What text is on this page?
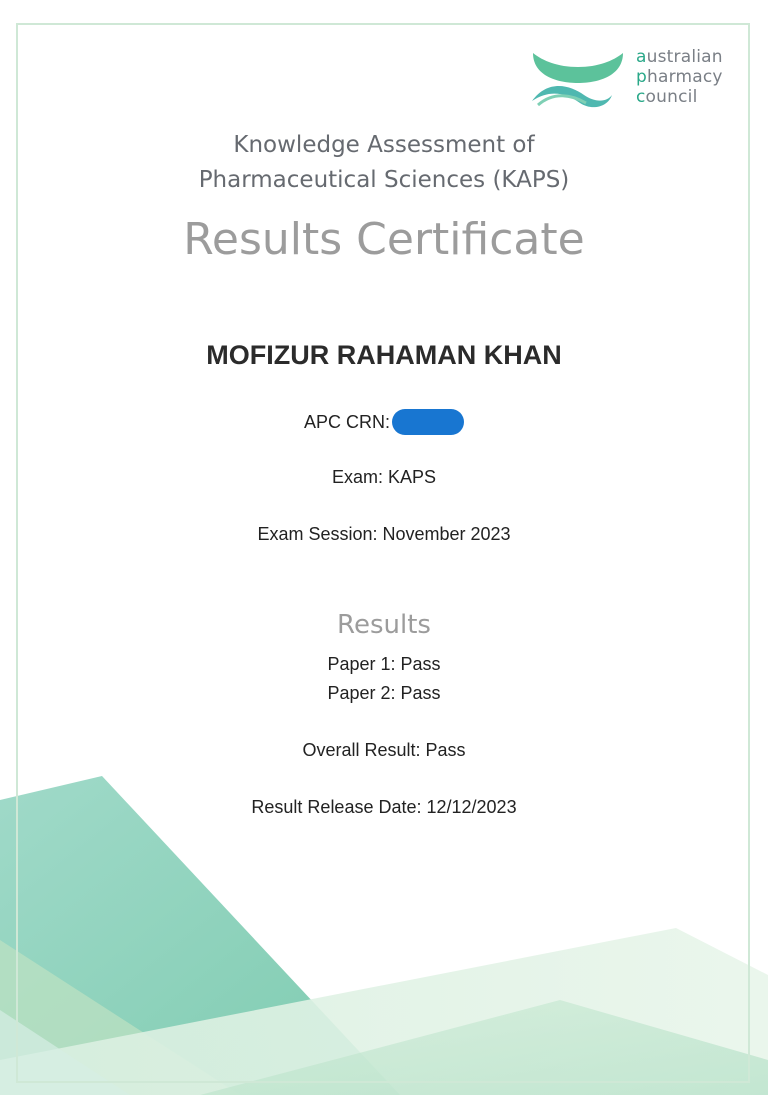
australian
pharmacy
council
Knowledge Assessment of
Pharmaceutical Sciences (KAPS)
Results Certificate
MOFIZUR RAHAMAN KHAN
APC CRN:
Exam: KAPS
Exam Session: November 2023
Results
Paper 1: Pass
Paper 2: Pass
Overall Result: Pass
Result Release Date: 12/12/2023
